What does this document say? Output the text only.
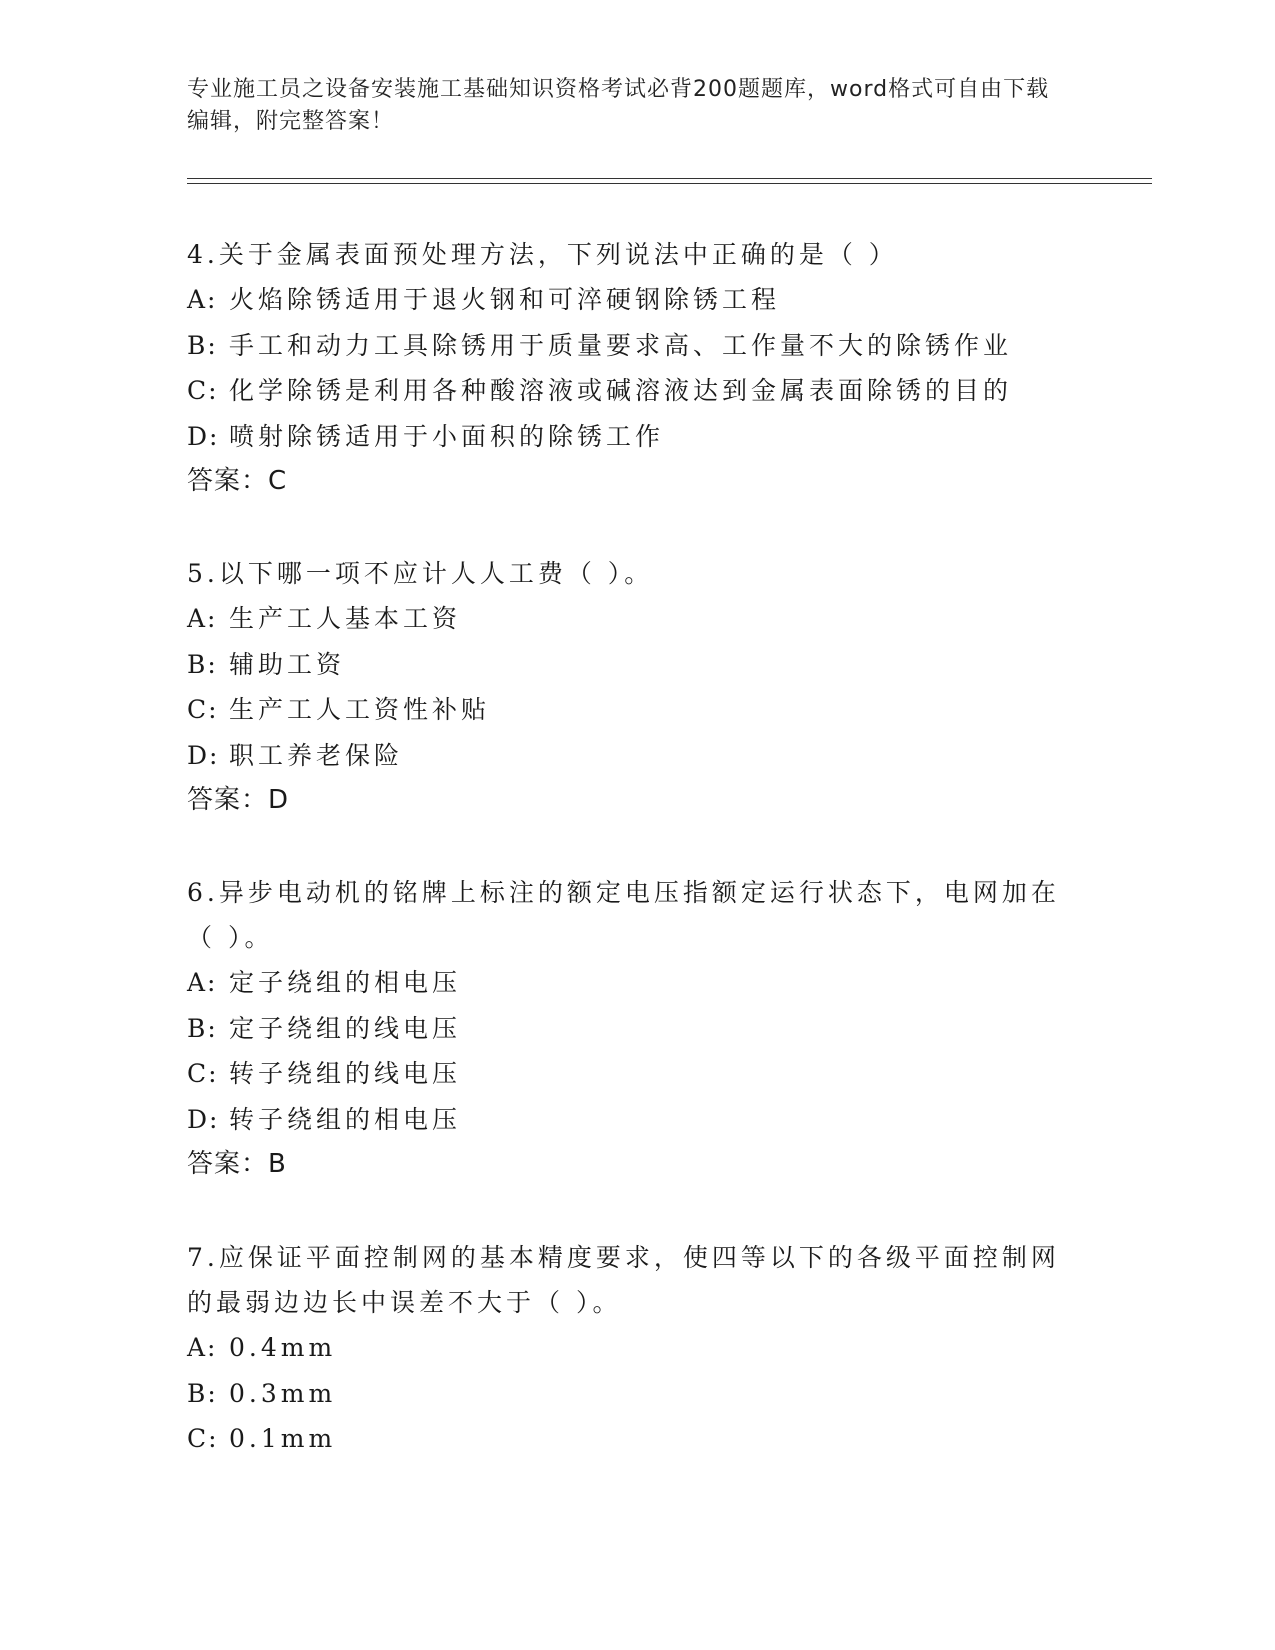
专业施工员之设备安装施工基础知识资格考试必背200题题库，word格式可自由下载编辑，附完整答案！

4.关于金属表面预处理方法，下列说法中正确的是（ ）

A: 火焰除锈适用于退火钢和可淬硬钢除锈工程

B: 手工和动力工具除锈用于质量要求高、工作量不大的除锈作业

C: 化学除锈是利用各种酸溶液或碱溶液达到金属表面除锈的目的

D: 喷射除锈适用于小面积的除锈工作

答案：C

5.以下哪一项不应计人人工费（ ）。

A: 生产工人基本工资

B: 辅助工资

C: 生产工人工资性补贴

D: 职工养老保险

答案：D

6.异步电动机的铭牌上标注的额定电压指额定运行状态下，电网加在（ ）。

A: 定子绕组的相电压

B: 定子绕组的线电压

C: 转子绕组的线电压

D: 转子绕组的相电压

答案：B

7.应保证平面控制网的基本精度要求，使四等以下的各级平面控制网的最弱边边长中误差不大于（ ）。

A: 0.4mm

B: 0.3mm

C: 0.1mm
